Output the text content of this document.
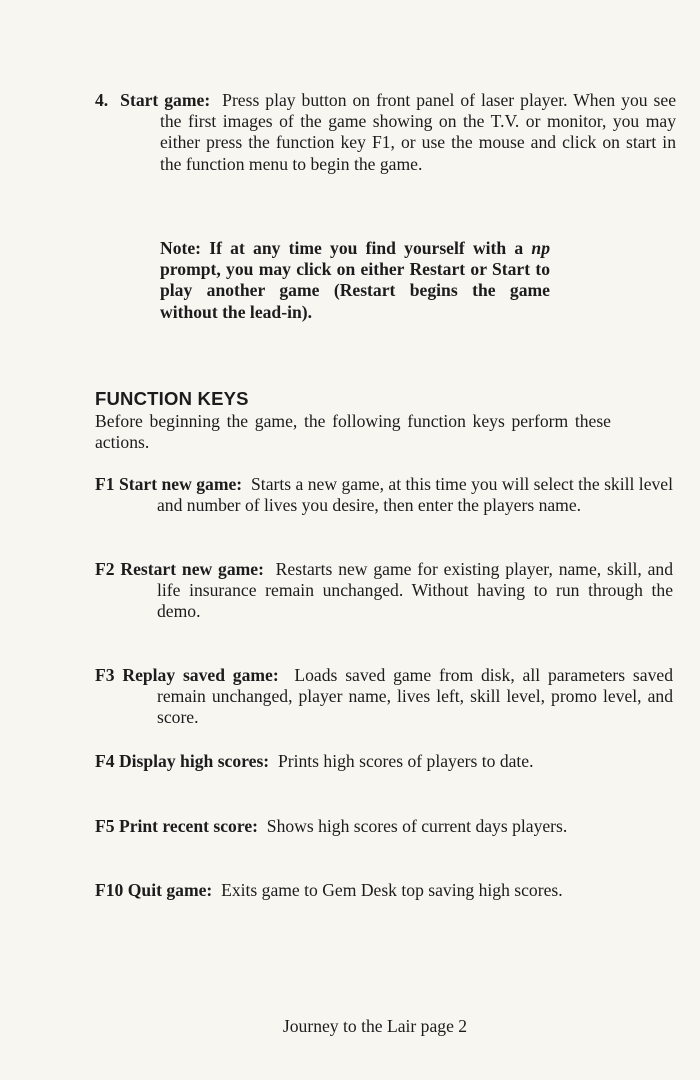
4. Start game: Press play button on front panel of laser player. When you see the first images of the game showing on the T.V. or monitor, you may either press the function key F1, or use the mouse and click on start in the function menu to begin the game.
Note: If at any time you find yourself with a np prompt, you may click on either Restart or Start to play another game (Restart begins the game without the lead-in).
FUNCTION KEYS
Before beginning the game, the following function keys perform these actions.
F1 Start new game: Starts a new game, at this time you will select the skill level and number of lives you desire, then enter the players name.
F2 Restart new game: Restarts new game for existing player, name, skill, and life insurance remain unchanged. Without having to run through the demo.
F3 Replay saved game: Loads saved game from disk, all parameters saved remain unchanged, player name, lives left, skill level, promo level, and score.
F4 Display high scores: Prints high scores of players to date.
F5 Print recent score: Shows high scores of current days players.
F10 Quit game: Exits game to Gem Desk top saving high scores.
Journey to the Lair page 2
